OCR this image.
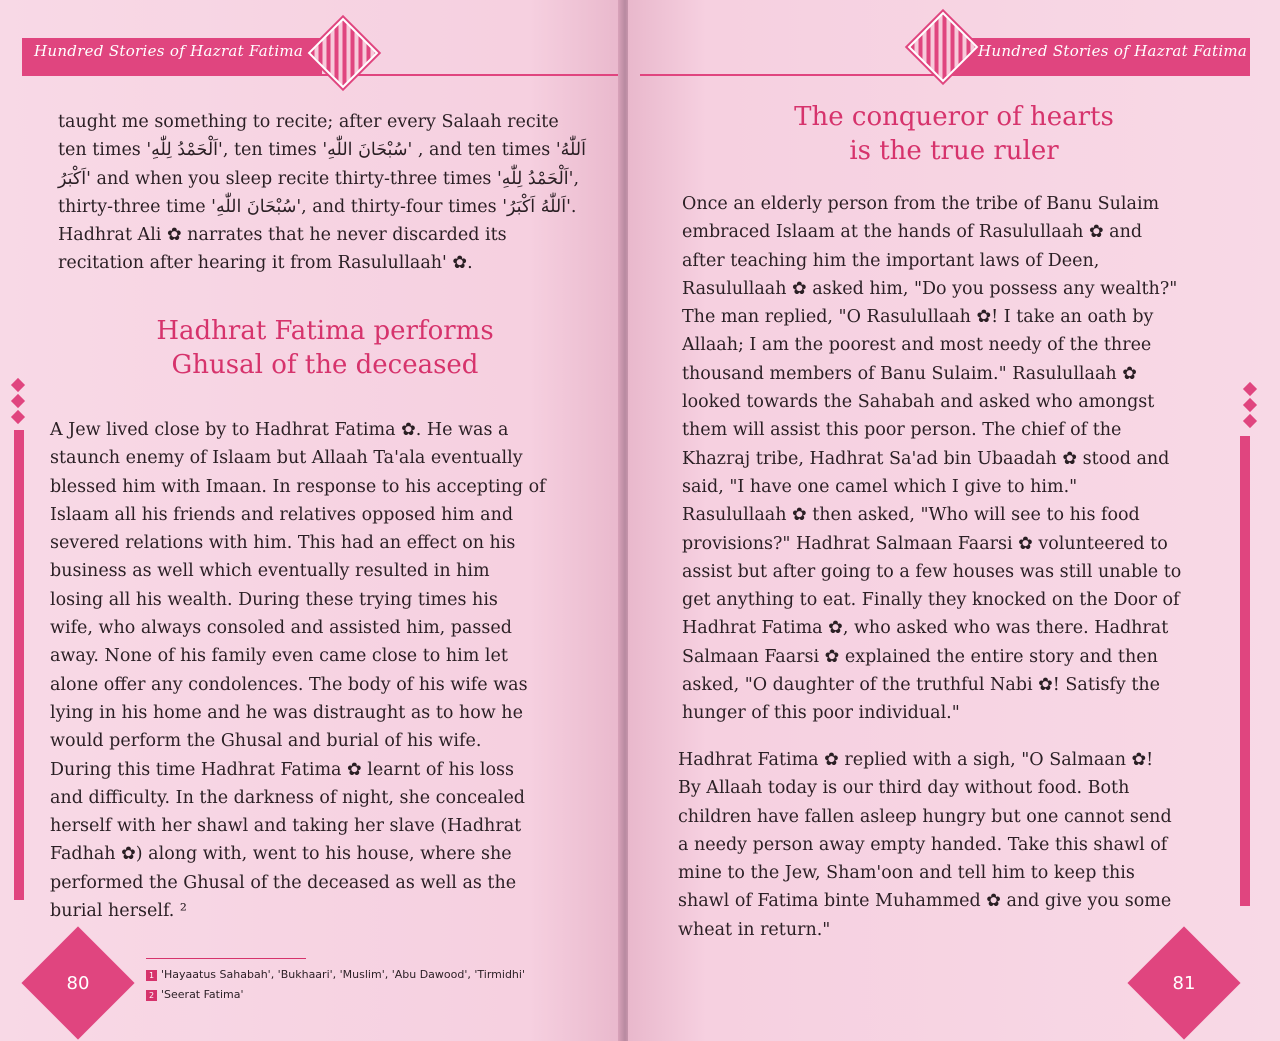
Hundred Stories of Hazrat Fatima

taught me something to recite; after every Salaah recite

ten times 'اَلْحَمْدُ لِلّٰهِ', ten times 'سُبْحَانَ اللّٰهِ' , and ten times 'اَللّٰهُ

اَكْبَرُ' and when you sleep recite thirty-three times 'اَلْحَمْدُ لِلّٰهِ',

thirty-three time 'سُبْحَانَ اللّٰهِ', and thirty-four times 'اَللّٰهُ اَكْبَرُ'.

Hadhrat Ali ✿ narrates that he never discarded its

recitation after hearing it from Rasulullaah' ✿.

Hadhrat Fatima performs
Ghusal of the deceased

A Jew lived close by to Hadhrat Fatima ✿. He was a

staunch enemy of Islaam but Allaah Ta'ala eventually

blessed him with Imaan. In response to his accepting of

Islaam all his friends and relatives opposed him and

severed relations with him. This had an effect on his

business as well which eventually resulted in him

losing all his wealth. During these trying times his

wife, who always consoled and assisted him, passed

away. None of his family even came close to him let

alone offer any condolences. The body of his wife was

lying in his home and he was distraught as to how he

would perform the Ghusal and burial of his wife.

During this time Hadhrat Fatima ✿ learnt of his loss

and difficulty. In the darkness of night, she concealed

herself with her shawl and taking her slave (Hadhrat

Fadhah ✿) along with, went to his house, where she

performed the Ghusal of the deceased as well as the

burial herself. ²

1 'Hayaatus Sahabah', 'Bukhaari', 'Muslim', 'Abu Dawood', 'Tirmidhi'
2 'Seerat Fatima'
80
Hundred Stories of Hazrat Fatima
The conqueror of hearts
is the true ruler

Once an elderly person from the tribe of Banu Sulaim

embraced Islaam at the hands of Rasulullaah ✿ and

after teaching him the important laws of Deen,

Rasulullaah ✿ asked him, "Do you possess any wealth?"

The man replied, "O Rasulullaah ✿! I take an oath by

Allaah; I am the poorest and most needy of the three

thousand members of Banu Sulaim." Rasulullaah ✿

looked towards the Sahabah and asked who amongst

them will assist this poor person. The chief of the

Khazraj tribe, Hadhrat Sa'ad bin Ubaadah ✿ stood and

said, "I have one camel which I give to him."

Rasulullaah ✿ then asked, "Who will see to his food

provisions?" Hadhrat Salmaan Faarsi ✿ volunteered to

assist but after going to a few houses was still unable to

get anything to eat. Finally they knocked on the Door of

Hadhrat Fatima ✿, who asked who was there. Hadhrat

Salmaan Faarsi ✿ explained the entire story and then

asked, "O daughter of the truthful Nabi ✿! Satisfy the

hunger of this poor individual."

Hadhrat Fatima ✿ replied with a sigh, "O Salmaan ✿!

By Allaah today is our third day without food. Both

children have fallen asleep hungry but one cannot send

a needy person away empty handed. Take this shawl of

mine to the Jew, Sham'oon and tell him to keep this

shawl of Fatima binte Muhammed ✿ and give you some

wheat in return."

81
